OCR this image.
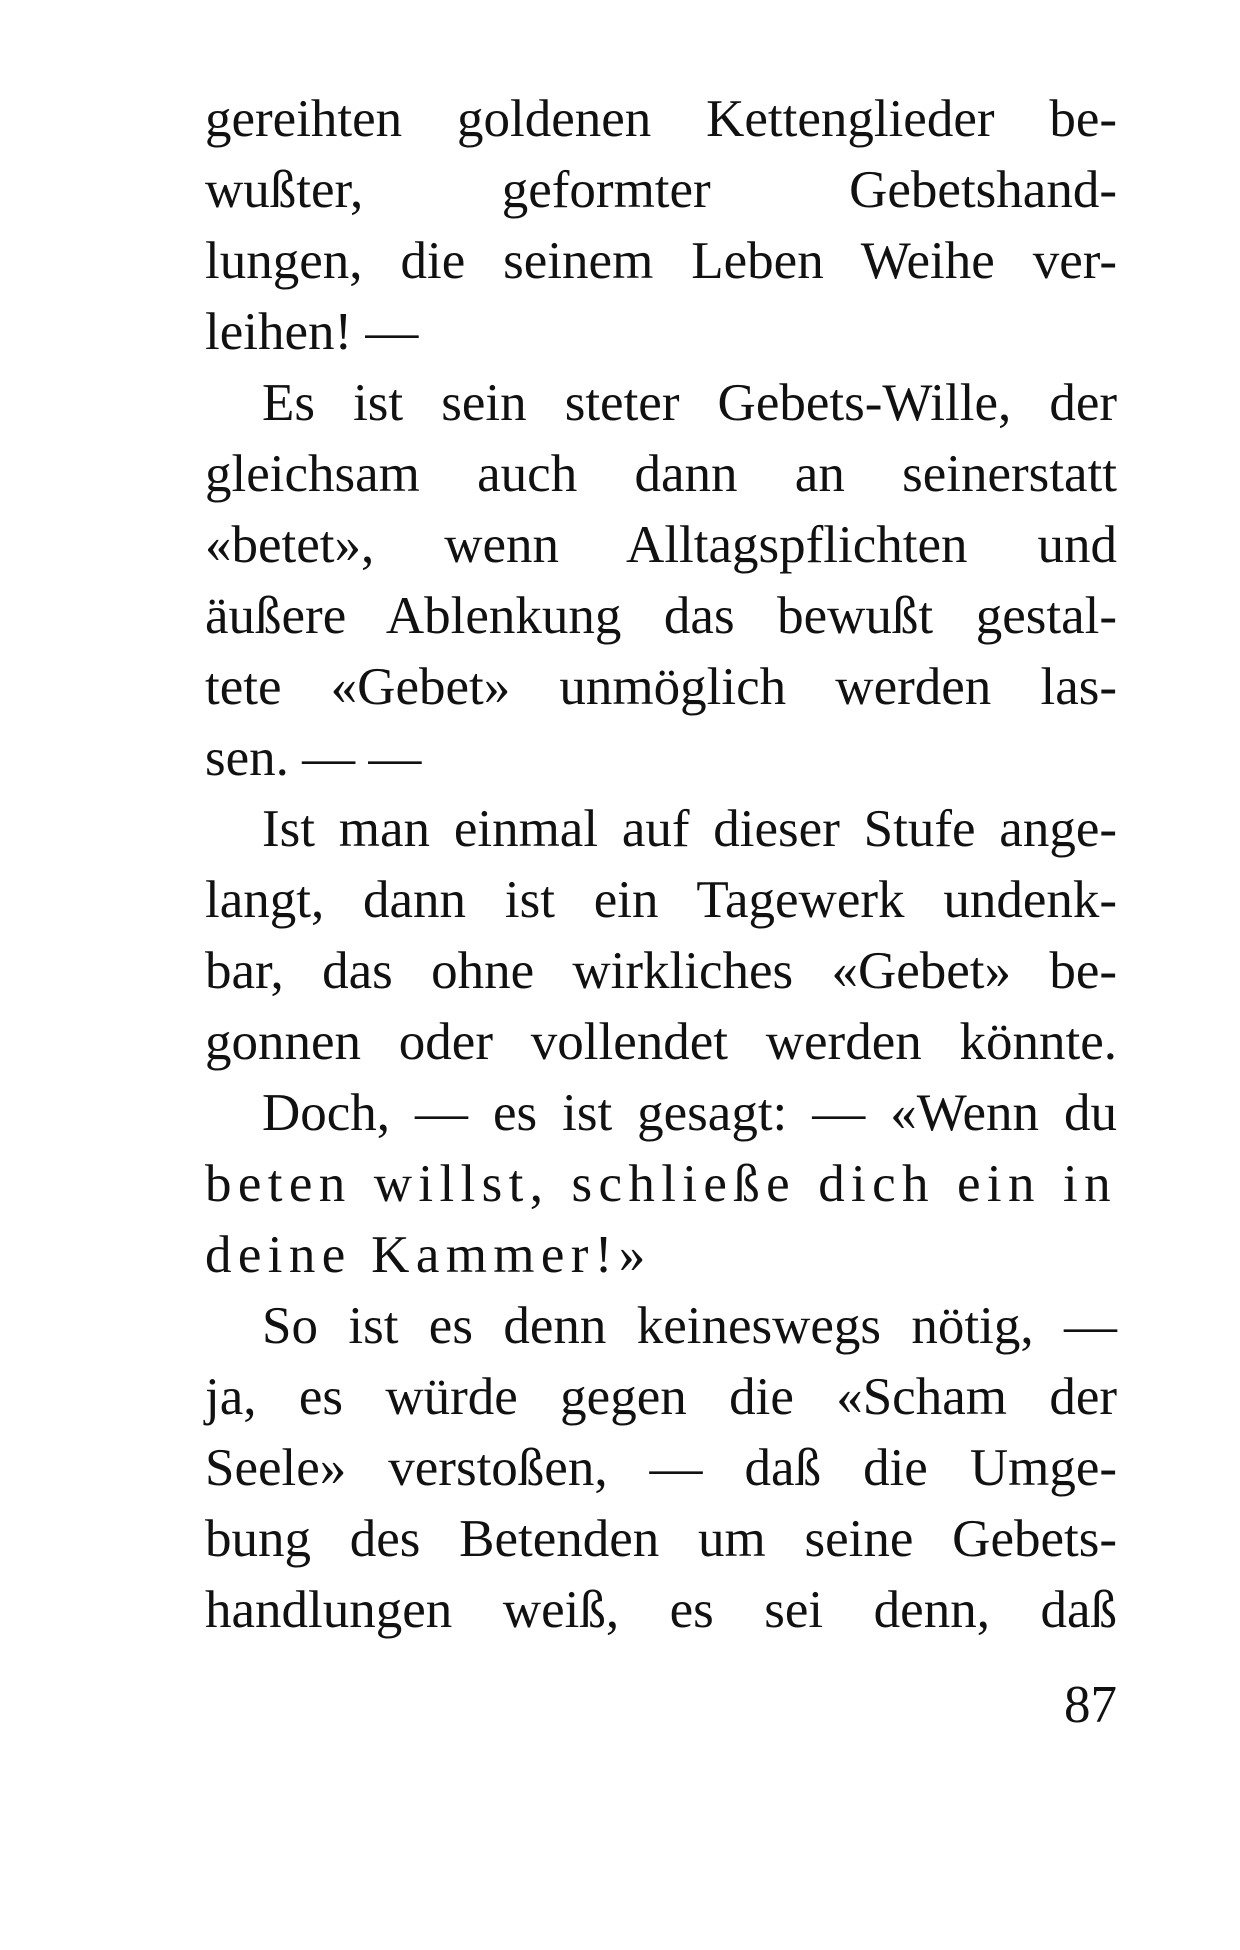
gereihten goldenen Kettenglieder be-
wußter, geformter Gebetshand-
lungen, die seinem Leben Weihe ver-
leihen! —
Es ist sein steter Gebets-Wille, der
gleichsam auch dann an seinerstatt
«betet», wenn Alltagspflichten und
äußere Ablenkung das bewußt gestal-
tete «Gebet» unmöglich werden las-
sen. — —
Ist man einmal auf dieser Stufe ange-
langt, dann ist ein Tagewerk undenk-
bar, das ohne wirkliches «Gebet» be-
gonnen oder vollendet werden könnte.
Doch, — es ist gesagt: — «Wenn du
beten willst, schließe dich ein in
deine Kammer!»
So ist es denn keineswegs nötig, —
ja, es würde gegen die «Scham der
Seele» verstoßen, — daß die Umge-
bung des Betenden um seine Gebets-
handlungen weiß, es sei denn, daß
87
